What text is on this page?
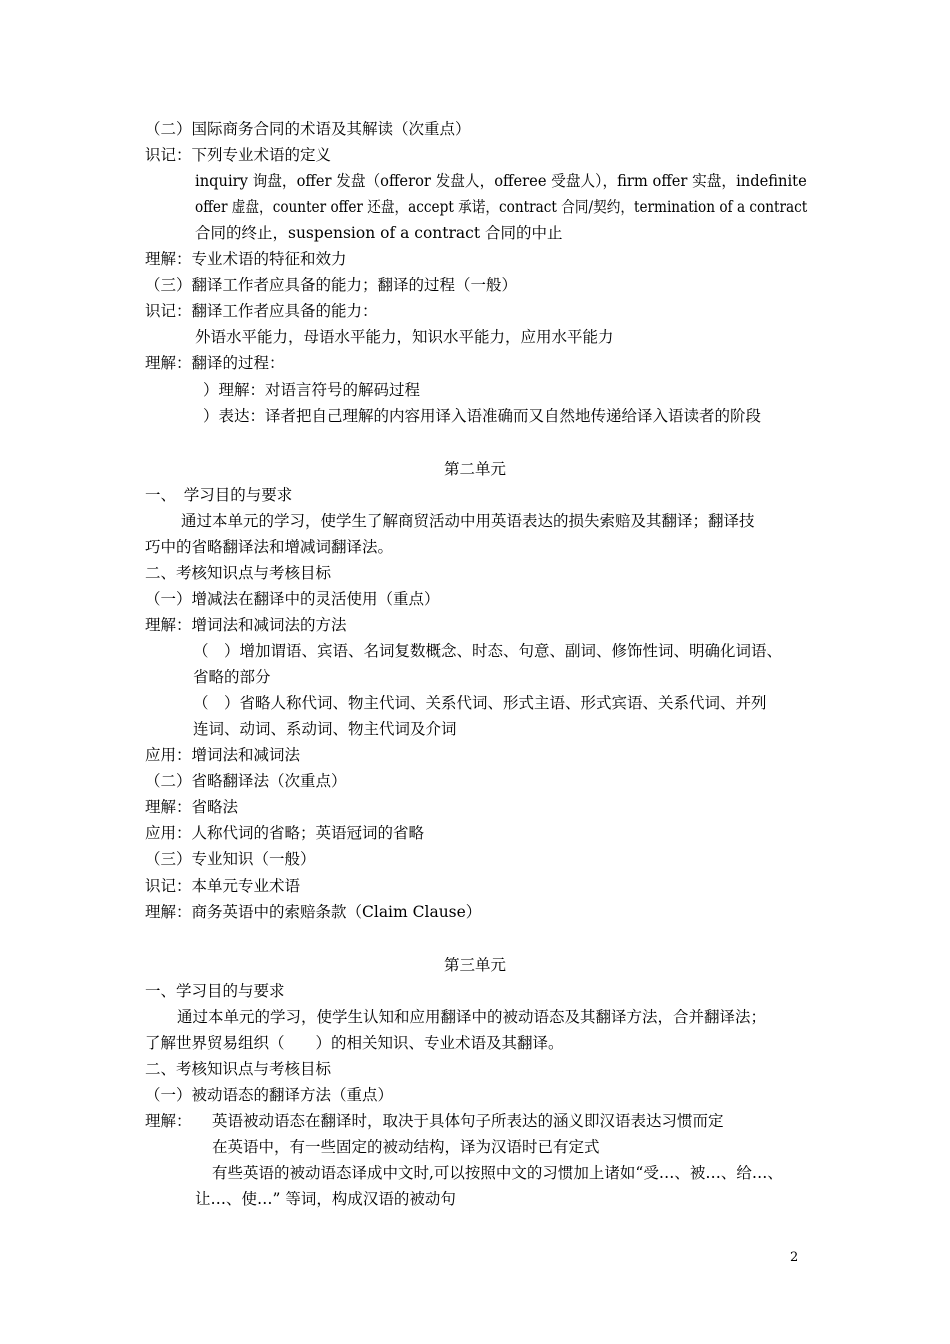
（二）国际商务合同的术语及其解读（次重点）
识记：下列专业术语的定义
inquiry 询盘，offer 发盘（offeror 发盘人，offeree 受盘人），firm offer 实盘，indefinite
offer 虚盘，counter offer 还盘，accept 承诺，contract 合同/契约，termination of a contract
合同的终止，suspension of a contract 合同的中止
理解：专业术语的特征和效力
（三）翻译工作者应具备的能力；翻译的过程（一般）
识记：翻译工作者应具备的能力：
外语水平能力，母语水平能力，知识水平能力，应用水平能力
理解：翻译的过程：
）理解：对语言符号的解码过程
）表达：译者把自己理解的内容用译入语准确而又自然地传递给译入语读者的阶段
第二单元
一、　学习目的与要求
通过本单元的学习，使学生了解商贸活动中用英语表达的损失索赔及其翻译；翻译技
巧中的省略翻译法和增减词翻译法。
二、考核知识点与考核目标
（一）增减法在翻译中的灵活使用（重点）
理解：增词法和减词法的方法
（　）增加谓语、宾语、名词复数概念、时态、句意、副词、修饰性词、明确化词语、
省略的部分
（　）省略人称代词、物主代词、关系代词、形式主语、形式宾语、关系代词、并列
连词、动词、系动词、物主代词及介词
应用：增词法和减词法
（二）省略翻译法（次重点）
理解：省略法
应用：人称代词的省略；英语冠词的省略
（三）专业知识（一般）
识记：本单元专业术语
理解：商务英语中的索赔条款（Claim Clause）
第三单元
一、学习目的与要求
通过本单元的学习，使学生认知和应用翻译中的被动语态及其翻译方法，合并翻译法；
了解世界贸易组织（　　）的相关知识、专业术语及其翻译。
二、考核知识点与考核目标
（一）被动语态的翻译方法（重点）
理解： 英语被动语态在翻译时，取决于具体句子所表达的涵义即汉语表达习惯而定
在英语中，有一些固定的被动结构，译为汉语时已有定式
有些英语的被动语态译成中文时,可以按照中文的习惯加上诸如“受…、被…、给…、
让…、使…” 等词，构成汉语的被动句
2
